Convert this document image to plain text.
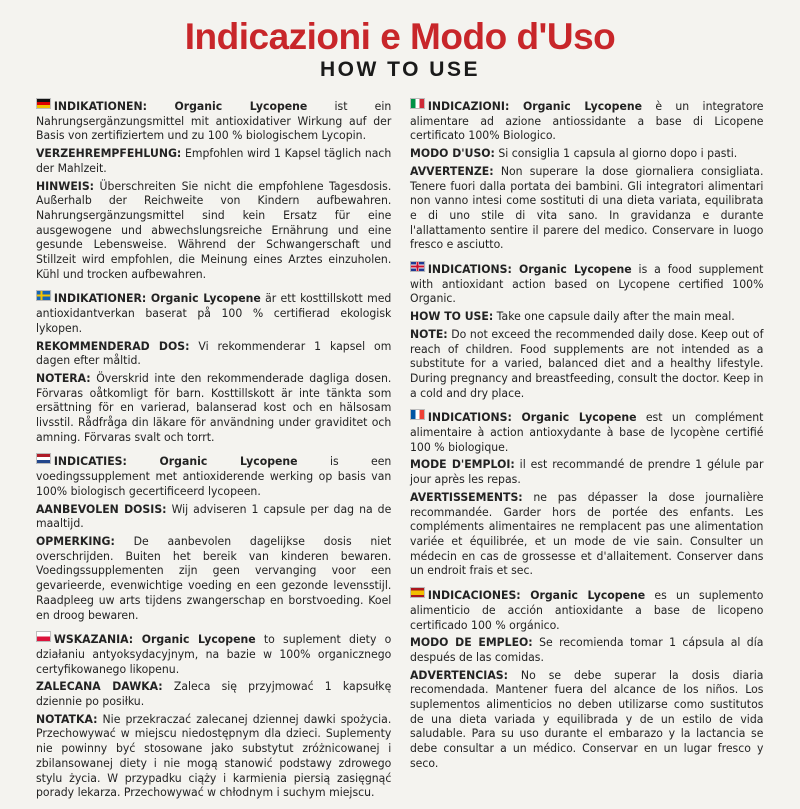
Indicazioni e Modo d'Uso
HOW TO USE

INDIKATIONEN: Organic Lycopene ist ein Nahrungsergänzungsmittel mit antioxidativer Wirkung auf der Basis von zertifiziertem und zu 100 % biologischem Lycopin.

VERZEHREMPFEHLUNG: Empfohlen wird 1 Kapsel täglich nach der Mahlzeit.

HINWEIS: Überschreiten Sie nicht die empfohlene Tagesdosis. Außerhalb der Reichweite von Kindern aufbewahren. Nahrungsergänzungsmittel sind kein Ersatz für eine ausgewogene und abwechslungsreiche Ernährung und eine gesunde Lebensweise. Während der Schwangerschaft und Stillzeit wird empfohlen, die Meinung eines Arztes einzuholen. Kühl und trocken aufbewahren.

INDIKATIONER: Organic Lycopene är ett kosttillskott med antioxidantverkan baserat på 100 % certifierad ekologisk lykopen.

REKOMMENDERAD DOS: Vi rekommenderar 1 kapsel om dagen efter måltid.

NOTERA: Överskrid inte den rekommenderade dagliga dosen. Förvaras oåtkomligt för barn. Kosttillskott är inte tänkta som ersättning för en varierad, balanserad kost och en hälsosam livsstil. Rådfråga din läkare för användning under graviditet och amning. Förvaras svalt och torrt.

INDICATIES: Organic Lycopene is een voedingssupplement met antioxiderende werking op basis van 100% biologisch gecertificeerd lycopeen.

AANBEVOLEN DOSIS: Wij adviseren 1 capsule per dag na de maaltijd.

OPMERKING: De aanbevolen dagelijkse dosis niet overschrijden. Buiten het bereik van kinderen bewaren. Voedingssupplementen zijn geen vervanging voor een gevarieerde, evenwichtige voeding en een gezonde levensstijl. Raadpleeg uw arts tijdens zwangerschap en borstvoeding. Koel en droog bewaren.

WSKAZANIA: Organic Lycopene to suplement diety o działaniu antyoksydacyjnym, na bazie w 100% organicznego certyfikowanego likopenu.

ZALECANA DAWKA: Zaleca się przyjmować 1 kapsułkę dziennie po posiłku.

NOTATKA: Nie przekraczać zalecanej dziennej dawki spożycia. Przechowywać w miejscu niedostępnym dla dzieci. Suplementy nie powinny być stosowane jako substytut zróżnicowanej i zbilansowanej diety i nie mogą stanowić podstawy zdrowego stylu życia. W przypadku ciąży i karmienia piersią zasięgnąć porady lekarza. Przechowywać w chłodnym i suchym miejscu.

INDICAZIONI: Organic Lycopene è un integratore alimentare ad azione antiossidante a base di Licopene certificato 100% Biologico.

MODO D'USO: Si consiglia 1 capsula al giorno dopo i pasti.

AVVERTENZE: Non superare la dose giornaliera consigliata. Tenere fuori dalla portata dei bambini. Gli integratori alimentari non vanno intesi come sostituti di una dieta variata, equilibrata e di uno stile di vita sano. In gravidanza e durante l'allattamento sentire il parere del medico. Conservare in luogo fresco e asciutto.

INDICATIONS: Organic Lycopene is a food supplement with antioxidant action based on Lycopene certified 100% Organic.

HOW TO USE: Take one capsule daily after the main meal.

NOTE: Do not exceed the recommended daily dose. Keep out of reach of children. Food supplements are not intended as a substitute for a varied, balanced diet and a healthy lifestyle. During pregnancy and breastfeeding, consult the doctor. Keep in a cold and dry place.

INDICATIONS: Organic Lycopene est un complément alimentaire à action antioxydante à base de lycopène certifié 100 % biologique.

MODE D'EMPLOI: il est recommandé de prendre 1 gélule par jour après les repas.

AVERTISSEMENTS: ne pas dépasser la dose journalière recommandée. Garder hors de portée des enfants. Les compléments alimentaires ne remplacent pas une alimentation variée et équilibrée, et un mode de vie sain. Consulter un médecin en cas de grossesse et d'allaitement. Conserver dans un endroit frais et sec.

INDICACIONES: Organic Lycopene es un suplemento alimenticio de acción antioxidante a base de licopeno certificado 100 % orgánico.

MODO DE EMPLEO: Se recomienda tomar 1 cápsula al día después de las comidas.

ADVERTENCIAS: No se debe superar la dosis diaria recomendada. Mantener fuera del alcance de los niños. Los suplementos alimenticios no deben utilizarse como sustitutos de una dieta variada y equilibrada y de un estilo de vida saludable. Para su uso durante el embarazo y la lactancia se debe consultar a un médico. Conservar en un lugar fresco y seco.
